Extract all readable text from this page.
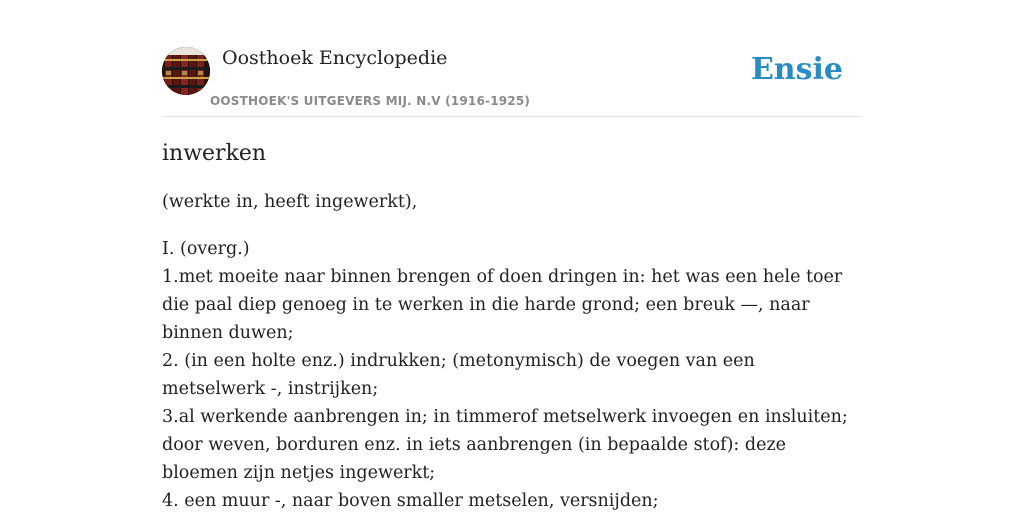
Oosthoek Encyclopedie
OOSTHOEK'S UITGEVERS MIJ. N.V (1916-1925)
Ensie
inwerken

(werkte in, heeft ingewerkt),

I. (overg.)
1.met moeite naar binnen brengen of doen dringen in: het was een hele toer die paal diep genoeg in te werken in die harde grond; een breuk —, naar binnen duwen;
2. (in een holte enz.) indrukken; (metonymisch) de voegen van een metselwerk -, instrijken;
3.al werkende aanbrengen in; in timmerof metselwerk invoegen en insluiten; door weven, borduren enz. in iets aanbrengen (in bepaalde stof): deze bloemen zijn netjes ingewerkt;
4. een muur -, naar boven smaller metselen, versnijden;
